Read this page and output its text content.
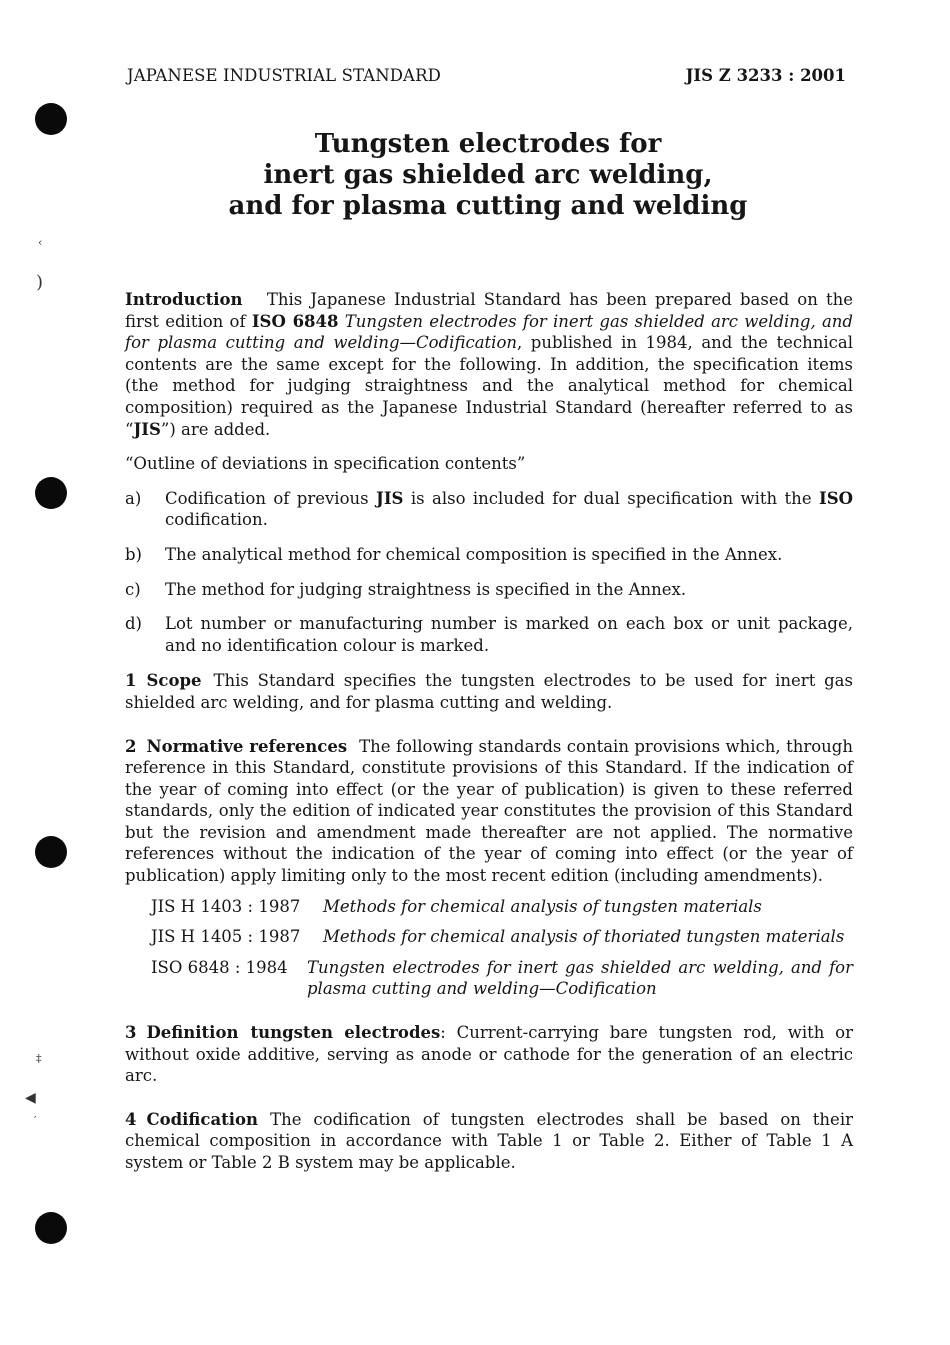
‹
)
‡
◀
′
JAPANESE INDUSTRIAL STANDARD	JIS Z 3233 : 2001
Tungsten electrodes for
inert gas shielded arc welding,
and for plasma cutting and welding

Introduction This Japanese Industrial Standard has been prepared based on the first edition of ISO 6848 Tungsten electrodes for inert gas shielded arc welding, and for plasma cutting and welding—Codification, published in 1984, and the technical contents are the same except for the following. In addition, the specification items (the method for judging straightness and the analytical method for chemical composition) required as the Japanese Industrial Standard (hereafter referred to as “JIS”) are added.

“Outline of deviations in specification contents”

a)	Codification of previous JIS is also included for dual specification with the ISO codification.
b)	The analytical method for chemical composition is specified in the Annex.
c)	The method for judging straightness is specified in the Annex.
d)	Lot number or manufacturing number is marked on each box or unit package, and no identification colour is marked.

1 Scope This Standard specifies the tungsten electrodes to be used for inert gas shielded arc welding, and for plasma cutting and welding.

2 Normative references The following standards contain provisions which, through reference in this Standard, constitute provisions of this Standard. If the indication of the year of coming into effect (or the year of publication) is given to these referred standards, only the edition of indicated year constitutes the provision of this Standard but the revision and amendment made thereafter are not applied. The normative references without the indication of the year of coming into effect (or the year of publication) apply limiting only to the most recent edition (including amendments).

JIS H 1403 : 1987	Methods for chemical analysis of tungsten materials
JIS H 1405 : 1987	Methods for chemical analysis of thoriated tungsten materials
ISO 6848 : 1984	Tungsten electrodes for inert gas shielded arc welding, and for plasma cutting and welding—Codification

3 Definition tungsten electrodes: Current-carrying bare tungsten rod, with or without oxide additive, serving as anode or cathode for the generation of an electric arc.

4 Codification The codification of tungsten electrodes shall be based on their chemical composition in accordance with Table 1 or Table 2. Either of Table 1 A system or Table 2 B system may be applicable.
